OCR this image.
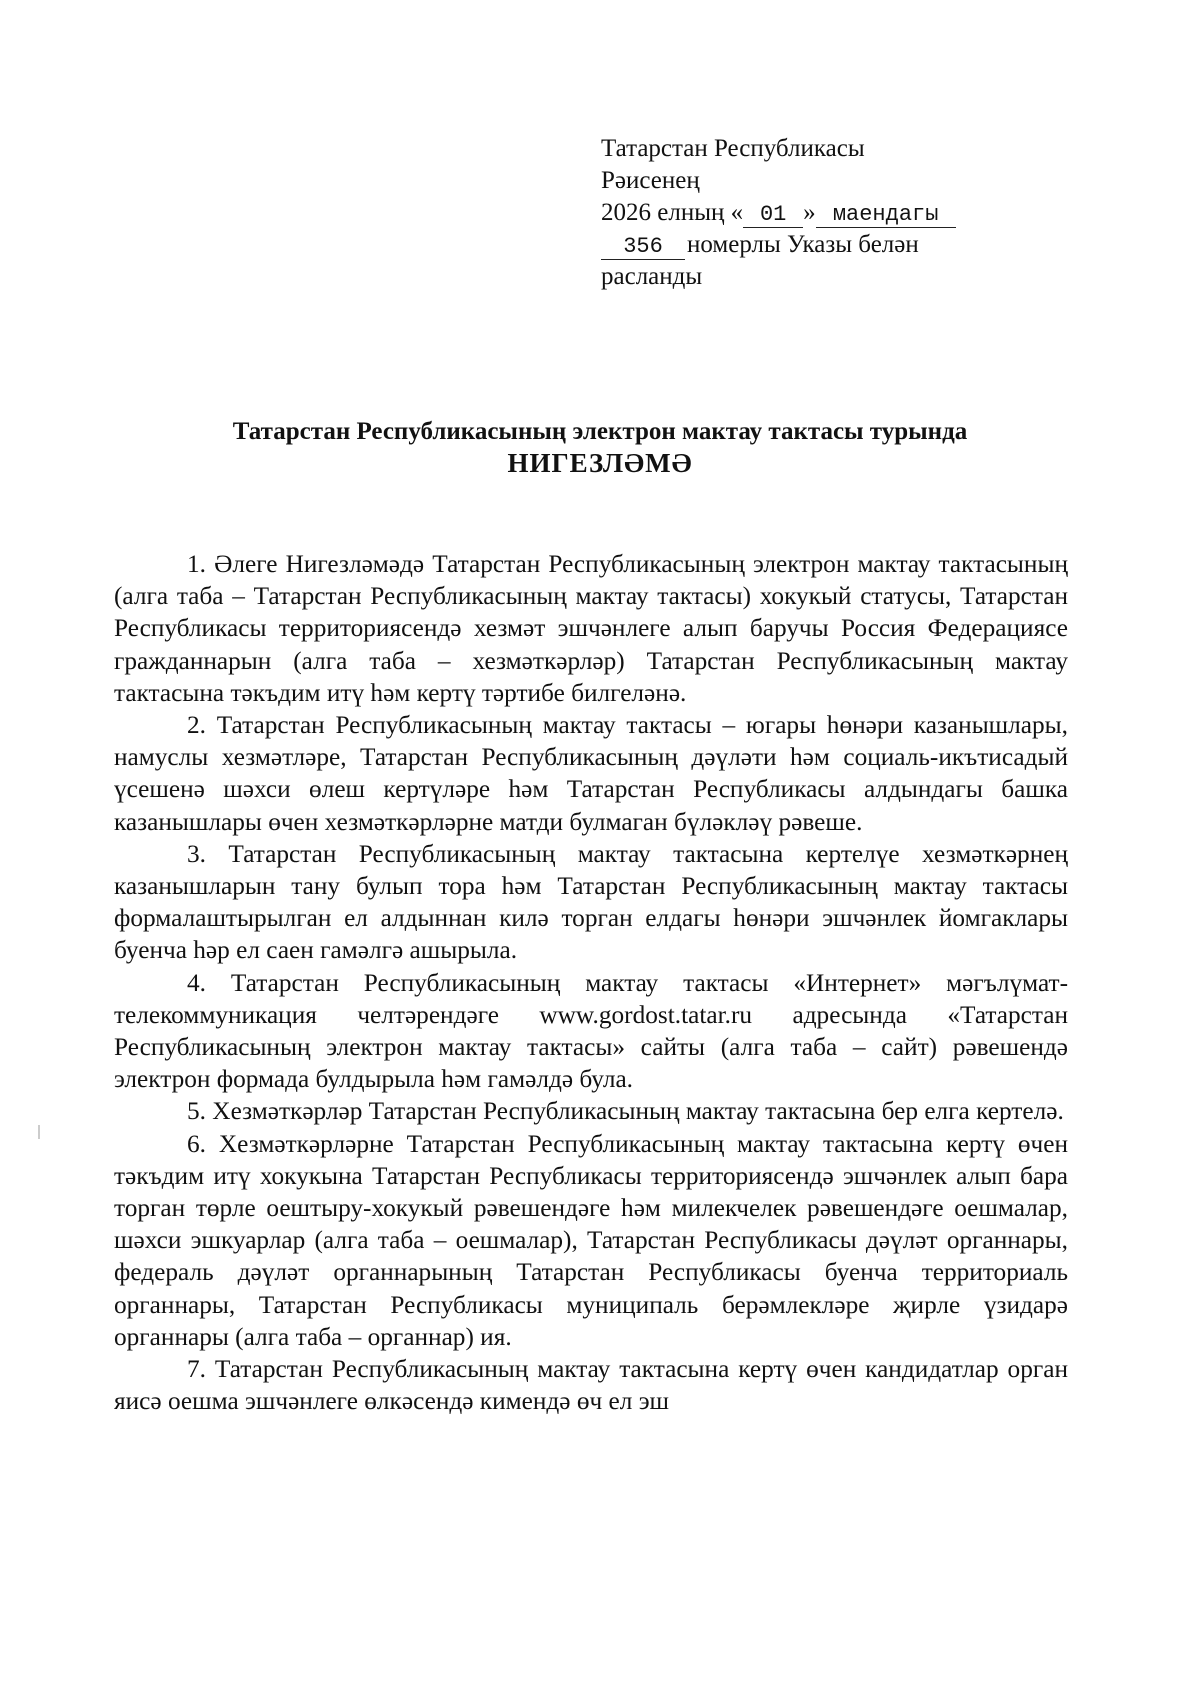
Татарстан Республикасы
Рәисенең
2026 елның « 01 » маендагы
356 номерлы Указы белән
расланды
Татарстан Республикасының электрон мактау тактасы турында
НИГЕЗЛӘМӘ

1. Әлеге Нигезләмәдә Татарстан Республикасының электрон мактау тактасының (алга таба – Татарстан Республикасының мактау тактасы) хокукый статусы, Татарстан Республикасы территориясендә хезмәт эшчәнлеге алып баручы Россия Федерациясе гражданнарын (алга таба – хезмәткәрләр) Татарстан Республикасының мактау тактасына тәкъдим итү һәм кертү тәртибе билгеләнә.

2. Татарстан Республикасының мактау тактасы – югары һөнәри казанышлары, намуслы хезмәтләре, Татарстан Республикасының дәүләти һәм социаль-икътисадый үсешенә шәхси өлеш кертүләре һәм Татарстан Республикасы алдындагы башка казанышлары өчен хезмәткәрләрне матди булмаган бүләкләү рәвеше.

3. Татарстан Республикасының мактау тактасына кертелүе хезмәткәрнең казанышларын тану булып тора һәм Татарстан Республикасының мактау тактасы формалаштырылган ел алдыннан килә торган елдагы һөнәри эшчәнлек йомгаклары буенча һәр ел саен гамәлгә ашырыла.

4. Татарстан Республикасының мактау тактасы «Интернет» мәгълүмат-телекоммуникация челтәрендәге www.gordost.tatar.ru адресында «Татарстан Республикасының электрон мактау тактасы» сайты (алга таба – сайт) рәвешендә электрон формада булдырыла һәм гамәлдә була.

5. Хезмәткәрләр Татарстан Республикасының мактау тактасына бер елга кертелә.

6. Хезмәткәрләрне Татарстан Республикасының мактау тактасына кертү өчен тәкъдим итү хокукына Татарстан Республикасы территориясендә эшчәнлек алып бара торган төрле оештыру-хокукый рәвешендәге һәм милекчелек рәвешендәге оешмалар, шәхси эшкуарлар (алга таба – оешмалар), Татарстан Республикасы дәүләт органнары, федераль дәүләт органнарының Татарстан Республикасы буенча территориаль органнары, Татарстан Республикасы муниципаль берәмлекләре җирле үзидарә органнары (алга таба – органнар) ия.

7. Татарстан Республикасының мактау тактасына кертү өчен кандидатлар орган яисә оешма эшчәнлеге өлкәсендә кимендә өч ел эш
